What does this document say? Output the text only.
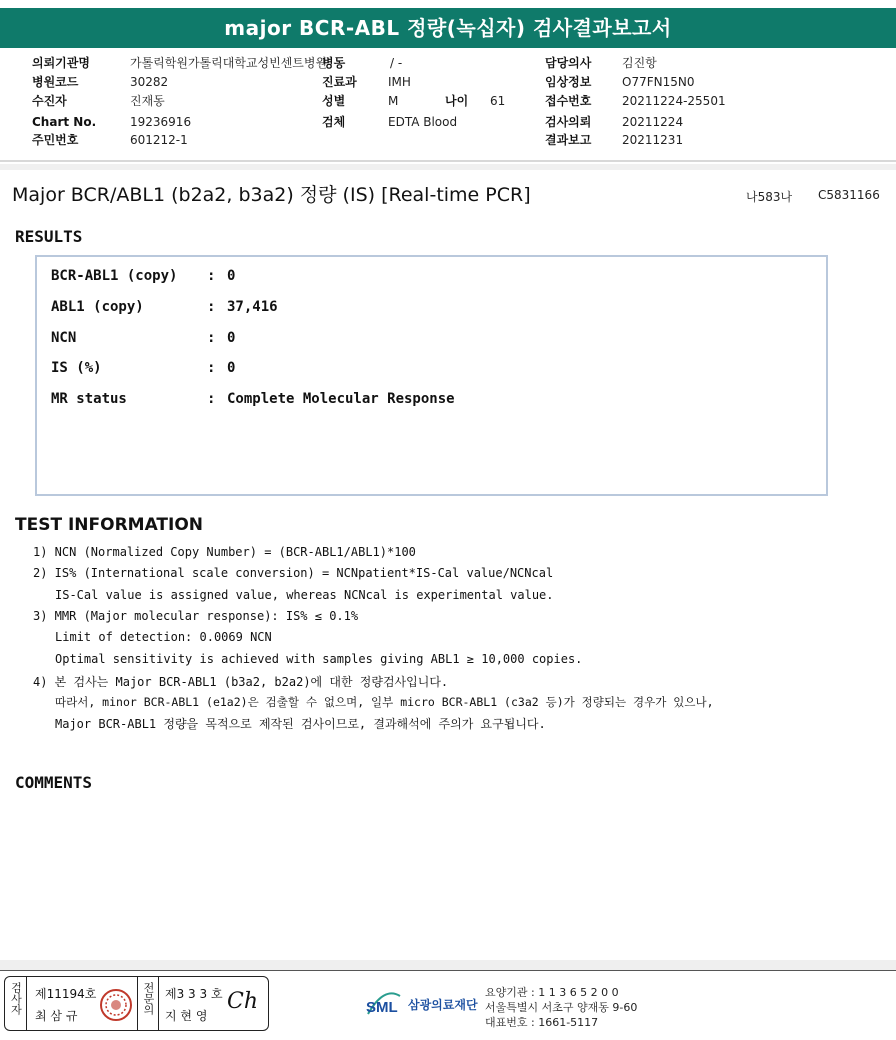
major BCR-ABL 정량(녹십자) 검사결과보고서
의뢰기관명	가톨릭학원가톨릭대학교성빈센트병원
병동	/ -	담당의사	김진항
병원코드	30282	진료과	IMH	임상정보	O77FN15N0
수진자	진재동	성별	M	나이 61	접수번호	20211224-25501
Chart No.	19236916	검체	EDTA Blood	검사의뢰	20211224
주민번호	601212-1	결과보고	20211231
Major BCR/ABL1 (b2a2, b3a2) 정량 (IS) [Real-time PCR]	나583나 C5831166
RESULTS
BCR-ABL1 (copy) : 0
ABL1 (copy)	: 37,416
NCN	: 0
IS (%)	: 0
MR status	: Complete Molecular Response
TEST INFORMATION
1) NCN (Normalized Copy Number) = (BCR-ABL1/ABL1)*100
2) IS% (International scale conversion) = NCNpatient*IS-Cal value/NCNcal
IS-Cal value is assigned value, whereas NCNcal is experimental value.
3) MMR (Major molecular response): IS% ≤ 0.1%
Limit of detection: 0.0069 NCN
Optimal sensitivity is achieved with samples giving ABL1 ≥ 10,000 copies.
4) 본 검사는 Major BCR-ABL1 (b3a2, b2a2)에 대한 정량검사입니다.
따라서, minor BCR-ABL1 (e1a2)은 검출할 수 없으며, 일부 micro BCR-ABL1 (c3a2 등)가 정량되는 경우가 있으나,
Major BCR-ABL1 정량을 목적으로 제작된 검사이므로, 결과해석에 주의가 요구됩니다.
COMMENTS
검사자	제11194호
최 삼 규
전문의 제3 3 3 호
지 현 영
Ch	SML 삼광의료재단
요양기관 : 1 1 3 6 5 2 0 0
서울특별시 서초구 양재동 9-60
대표번호 : 1661-5117
